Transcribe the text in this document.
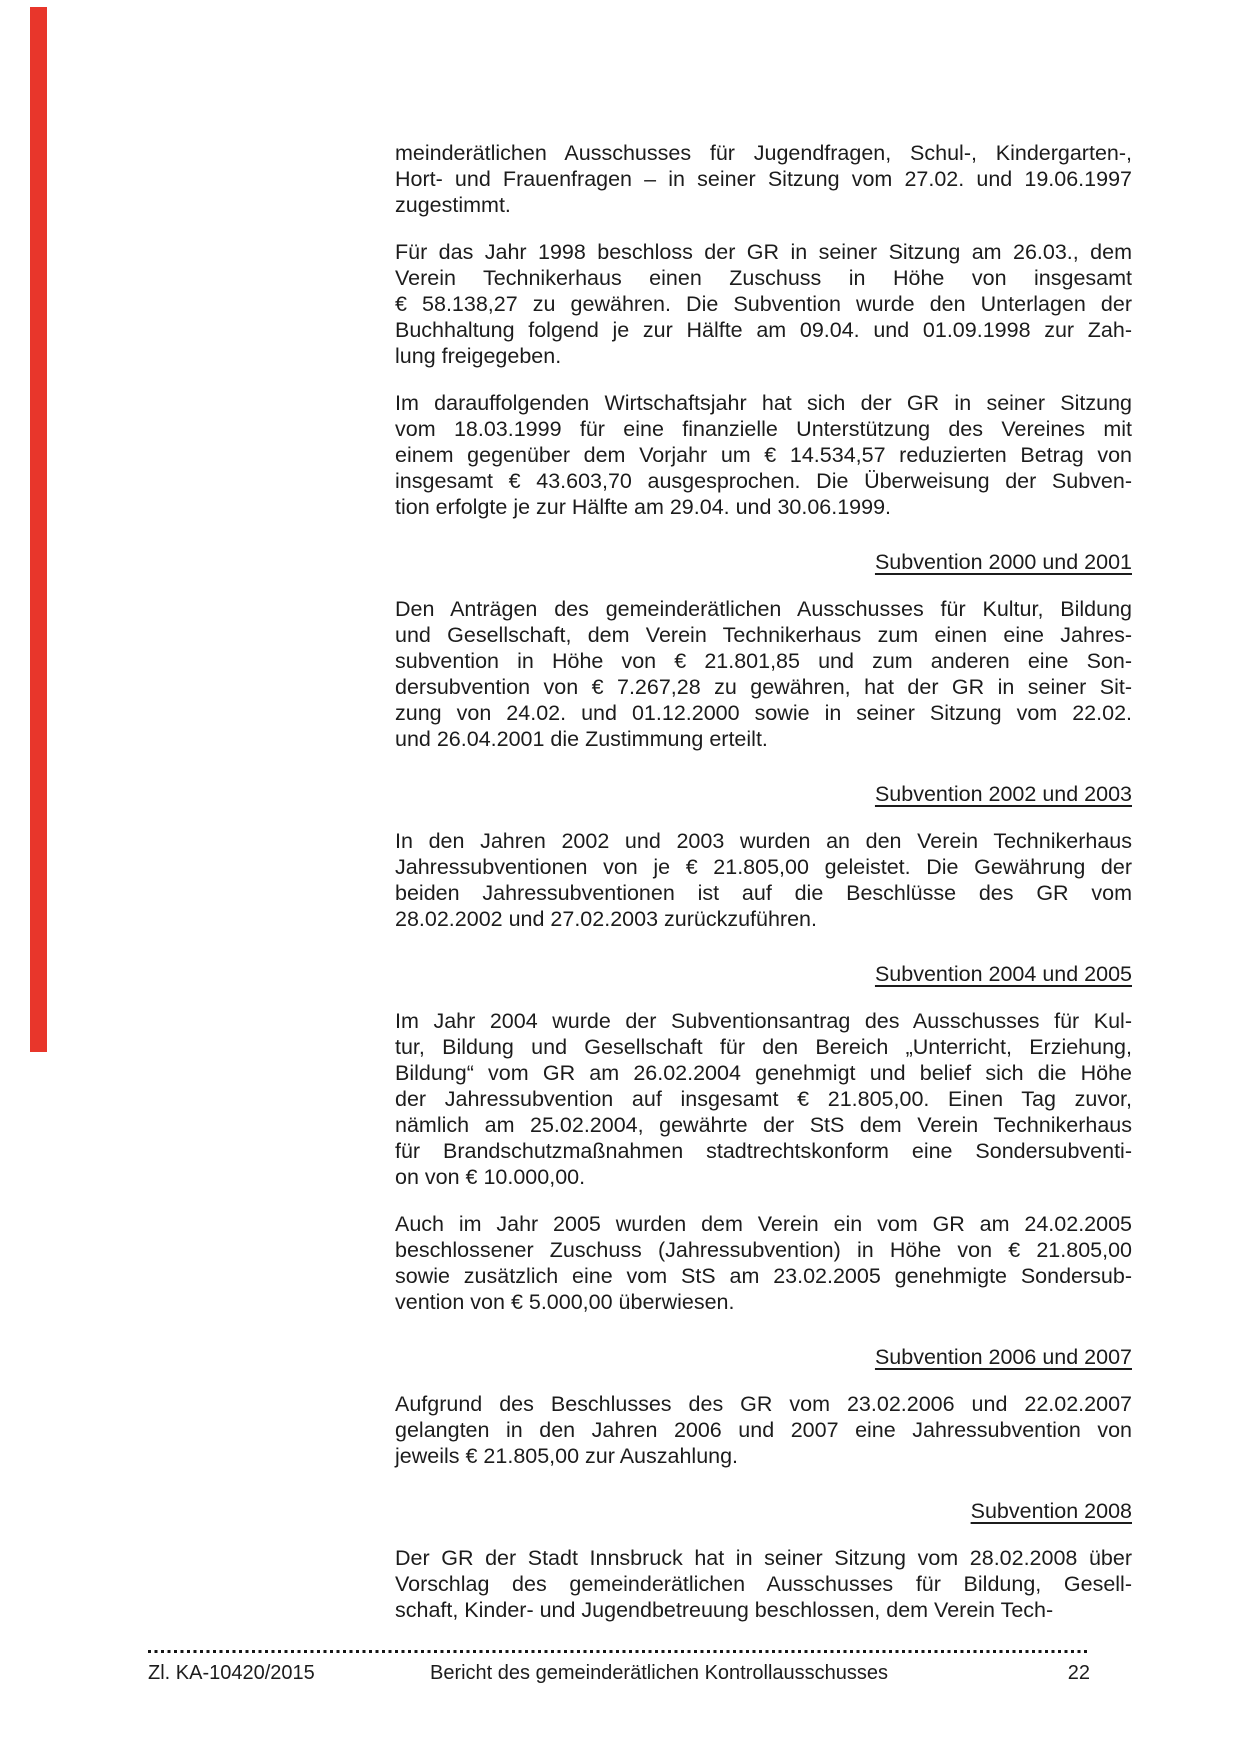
meinderätlichen Ausschusses für Jugendfragen, Schul-, Kindergarten-,
Hort- und Frauenfragen – in seiner Sitzung vom 27.02. und 19.06.1997
zugestimmt.
Für das Jahr 1998 beschloss der GR in seiner Sitzung am 26.03., dem
Verein Technikerhaus einen Zuschuss in Höhe von insgesamt
€ 58.138,27 zu gewähren. Die Subvention wurde den Unterlagen der
Buchhaltung folgend je zur Hälfte am 09.04. und 01.09.1998 zur Zah-
lung freigegeben.
Im darauffolgenden Wirtschaftsjahr hat sich der GR in seiner Sitzung
vom 18.03.1999 für eine finanzielle Unterstützung des Vereines mit
einem gegenüber dem Vorjahr um € 14.534,57 reduzierten Betrag von
insgesamt € 43.603,70 ausgesprochen. Die Überweisung der Subven-
tion erfolgte je zur Hälfte am 29.04. und 30.06.1999.
Subvention 2000 und 2001
Den Anträgen des gemeinderätlichen Ausschusses für Kultur, Bildung
und Gesellschaft, dem Verein Technikerhaus zum einen eine Jahres-
subvention in Höhe von € 21.801,85 und zum anderen eine Son-
dersubvention von € 7.267,28 zu gewähren, hat der GR in seiner Sit-
zung von 24.02. und 01.12.2000 sowie in seiner Sitzung vom 22.02.
und 26.04.2001 die Zustimmung erteilt.
Subvention 2002 und 2003
In den Jahren 2002 und 2003 wurden an den Verein Technikerhaus
Jahressubventionen von je € 21.805,00 geleistet. Die Gewährung der
beiden Jahressubventionen ist auf die Beschlüsse des GR vom
28.02.2002 und 27.02.2003 zurückzuführen.
Subvention 2004 und 2005
Im Jahr 2004 wurde der Subventionsantrag des Ausschusses für Kul-
tur, Bildung und Gesellschaft für den Bereich „Unterricht, Erziehung,
Bildung“ vom GR am 26.02.2004 genehmigt und belief sich die Höhe
der Jahressubvention auf insgesamt € 21.805,00. Einen Tag zuvor,
nämlich am 25.02.2004, gewährte der StS dem Verein Technikerhaus
für Brandschutzmaßnahmen stadtrechtskonform eine Sondersubventi-
on von € 10.000,00.
Auch im Jahr 2005 wurden dem Verein ein vom GR am 24.02.2005
beschlossener Zuschuss (Jahressubvention) in Höhe von € 21.805,00
sowie zusätzlich eine vom StS am 23.02.2005 genehmigte Sondersub-
vention von € 5.000,00 überwiesen.
Subvention 2006 und 2007
Aufgrund des Beschlusses des GR vom 23.02.2006 und 22.02.2007
gelangten in den Jahren 2006 und 2007 eine Jahressubvention von
jeweils € 21.805,00 zur Auszahlung.
Subvention 2008
Der GR der Stadt Innsbruck hat in seiner Sitzung vom 28.02.2008 über
Vorschlag des gemeinderätlichen Ausschusses für Bildung, Gesell-
schaft, Kinder- und Jugendbetreuung beschlossen, dem Verein Tech-
Zl. KA-10420/2015	Bericht des gemeinderätlichen Kontrollausschusses	22
